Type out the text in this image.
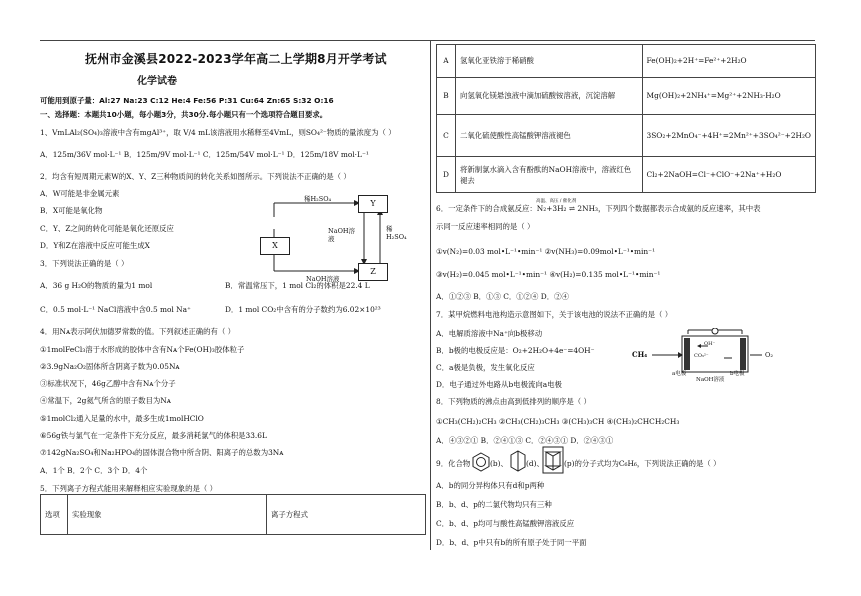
抚州市金溪县2022-2023学年高二上学期8月开学考试
化学试卷
可能用到原子量：Al:27 Na:23 C:12 He:4 Fe:56 P:31 Cu:64 Zn:65 S:32 O:16
一、选择题：本题共10小题，每小题3分，共30分.每小题只有一个选项符合题目要求。
1、VmLAl₂(SO₄)₃溶液中含有mgAl³⁺，取 V/4 mL该溶液用水稀释至4VmL，则SO₄²⁻物质的量浓度为（ ）
A．125m/36V mol·L⁻¹ B．125m/9V mol·L⁻¹ C．125m/54V mol·L⁻¹ D．125m/18V mol·L⁻¹
2．均含有短周期元素W的X、Y、Z三种物质间的转化关系如图所示。下列说法不正确的是（ ）
A．W可能是非金属元素
B．X可能是氧化物
C．Y、Z之间的转化可能是氧化还原反应
D．Y和Z在溶液中反应可能生成X
3．下列说法正确的是（ ）
A．36 g H₂O的物质的量为1 mol	B．常温常压下，1 mol Cl₂的体积是22.4 L
C．0.5 mol·L⁻¹ NaCl溶液中含0.5 mol Na⁺	D．1 mol CO₂中含有的分子数约为6.02×10²³
4．用Nᴀ表示阿伏加德罗常数的值。下列叙述正确的有（ ）
①1molFeCl₃溶于水形成的胶体中含有Nᴀ个Fe(OH)₃胶体粒子
②3.9gNa₂O₂固体所含阴离子数为0.05Nᴀ
③标准状况下，46g乙醇中含有Nᴀ个分子
④常温下，2g氦气所含的原子数目为Nᴀ
⑤1molCl₂通入足量的水中，最多生成1molHClO
⑥56g铁与氯气在一定条件下充分反应，最多消耗氯气的体积是33.6L
⑦142gNa₂SO₄和Na₂HPO₄的固体混合物中所含阴、阳离子的总数为3Nᴀ
A．1个 B．2个 C．3个 D．4个
5．下列离子方程式能用来解释相应实验现象的是（ ）
选项	实验现象	离子方程式
X
Y
Z
稀H₂SO₄
NaOH溶液
稀H₂SO₄
NaOH溶液
A	氢氧化亚铁溶于稀硝酸	Fe(OH)₂+2H⁺=Fe²⁺+2H₂O
B	向氢氧化镁悬浊液中滴加硫酸铵溶液，沉淀溶解	Mg(OH)₂+2NH₄⁺=Mg²⁺+2NH₃·H₂O
C	二氧化硫使酸性高锰酸钾溶液褪色	3SO₂+2MnO₄⁻+4H⁺=2Mn²⁺+3SO₄²⁻+2H₂O
D	将新制氯水滴入含有酚酞的NaOH溶液中，溶液红色褪去	Cl₂+2NaOH=Cl⁻+ClO⁻+2Na⁺+H₂O
6．一定条件下的合成氨反应：N₂+3H₂ ⇌ 2NH₃，下列四个数据都表示合成氨的反应速率，其中表
高温、高压 / 催化剂
示同一反应速率相同的是（ ）
①v(N₂)=0.03 mol•L⁻¹•min⁻¹ ②v(NH₃)=0.09mol•L⁻¹•min⁻¹
③v(H₂)=0.045 mol•L⁻¹•min⁻¹ ④v(H₂)=0.135 mol•L⁻¹•min⁻¹
A．①②③ B．①③ C．①②④ D．②④
7．某甲烷燃料电池构造示意图如下，关于该电池的说法不正确的是（ ）
A．电解质溶液中Na⁺向b极移动
B．b极的电极反应是：O₂+2H₂O+4e⁻=4OH⁻
C．a极是负极，发生氧化反应
D．电子通过外电路从b电极流向a电极
CH₄	O₂
OH⁻
CO₃²⁻
a电极	b电极
NaOH溶液
8．下列物质的沸点由高到低排列的顺序是（ ）
①CH₃(CH₂)₂CH₃ ②CH₃(CH₂)₃CH₃ ③(CH₃)₃CH ④(CH₃)₂CHCH₂CH₃
A．④③②① B．②④①③ C．②④③① D．②④③①
9．化合物	(b)、 (d)、	(p)的分子式均为C₆H₆，下列说法正确的是（ ）
A．b的同分异构体只有d和p两种
B．b、d、p的二氯代物均只有三种
C．b、d、p均可与酸性高锰酸钾溶液反应
D．b、d、p中只有b的所有原子处于同一平面
